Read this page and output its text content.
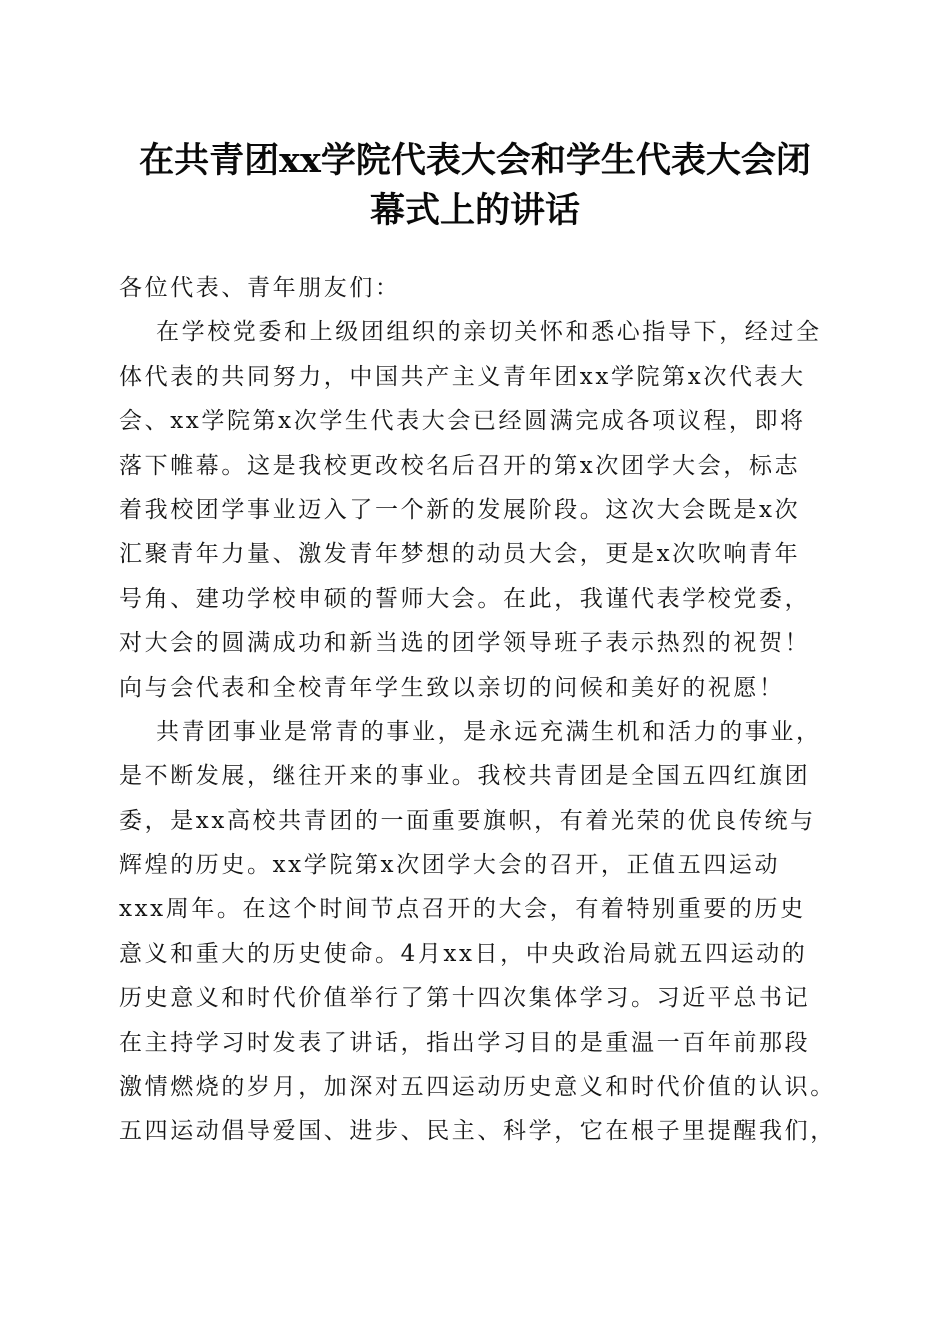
在共青团xx学院代表大会和学生代表大会闭
幕式上的讲话
各位代表、青年朋友们：
在学校党委和上级团组织的亲切关怀和悉心指导下，经过全
体代表的共同努力，中国共产主义青年团xx学院第x次代表大
会、xx学院第x次学生代表大会已经圆满完成各项议程，即将
落下帷幕。这是我校更改校名后召开的第x次团学大会，标志
着我校团学事业迈入了一个新的发展阶段。这次大会既是x次
汇聚青年力量、激发青年梦想的动员大会，更是x次吹响青年
号角、建功学校申硕的誓师大会。在此，我谨代表学校党委，
对大会的圆满成功和新当选的团学领导班子表示热烈的祝贺！
向与会代表和全校青年学生致以亲切的问候和美好的祝愿！
共青团事业是常青的事业，是永远充满生机和活力的事业，
是不断发展，继往开来的事业。我校共青团是全国五四红旗团
委，是xx高校共青团的一面重要旗帜，有着光荣的优良传统与
辉煌的历史。xx学院第x次团学大会的召开，正值五四运动
xxx周年。在这个时间节点召开的大会，有着特别重要的历史
意义和重大的历史使命。4月xx日，中央政治局就五四运动的
历史意义和时代价值举行了第十四次集体学习。习近平总书记
在主持学习时发表了讲话，指出学习目的是重温一百年前那段
激情燃烧的岁月，加深对五四运动历史意义和时代价值的认识。
五四运动倡导爱国、进步、民主、科学，它在根子里提醒我们，
